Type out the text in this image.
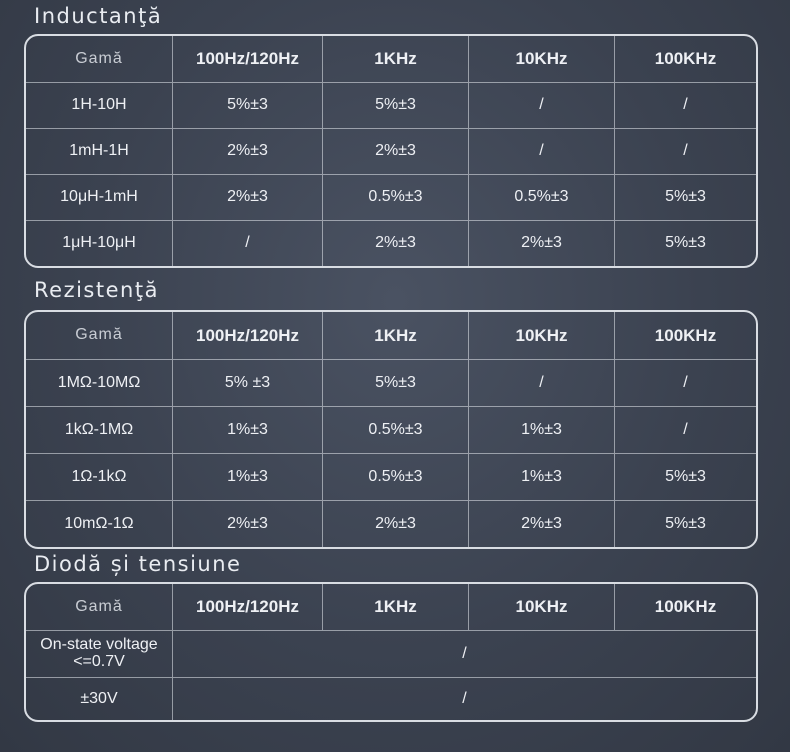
Inductanţă
Gamă	100Hz/120Hz	1KHz	10KHz	100KHz
1H-10H	5%±3	5%±3	/	/
1mH-1H	2%±3	2%±3	/	/
10μH-1mH	2%±3	0.5%±3	0.5%±3	5%±3
1μH-10μH	/	2%±3	2%±3	5%±3
Rezistenţă
Gamă	100Hz/120Hz	1KHz	10KHz	100KHz
1MΩ-10MΩ	5% ±3	5%±3	/	/
1kΩ-1MΩ	1%±3	0.5%±3	1%±3	/
1Ω-1kΩ	1%±3	0.5%±3	1%±3	5%±3
10mΩ-1Ω	2%±3	2%±3	2%±3	5%±3
Diodă și tensiune
Gamă	100Hz/120Hz	1KHz	10KHz	100KHz
On-state voltage <=0.7V	/
±30V	/
